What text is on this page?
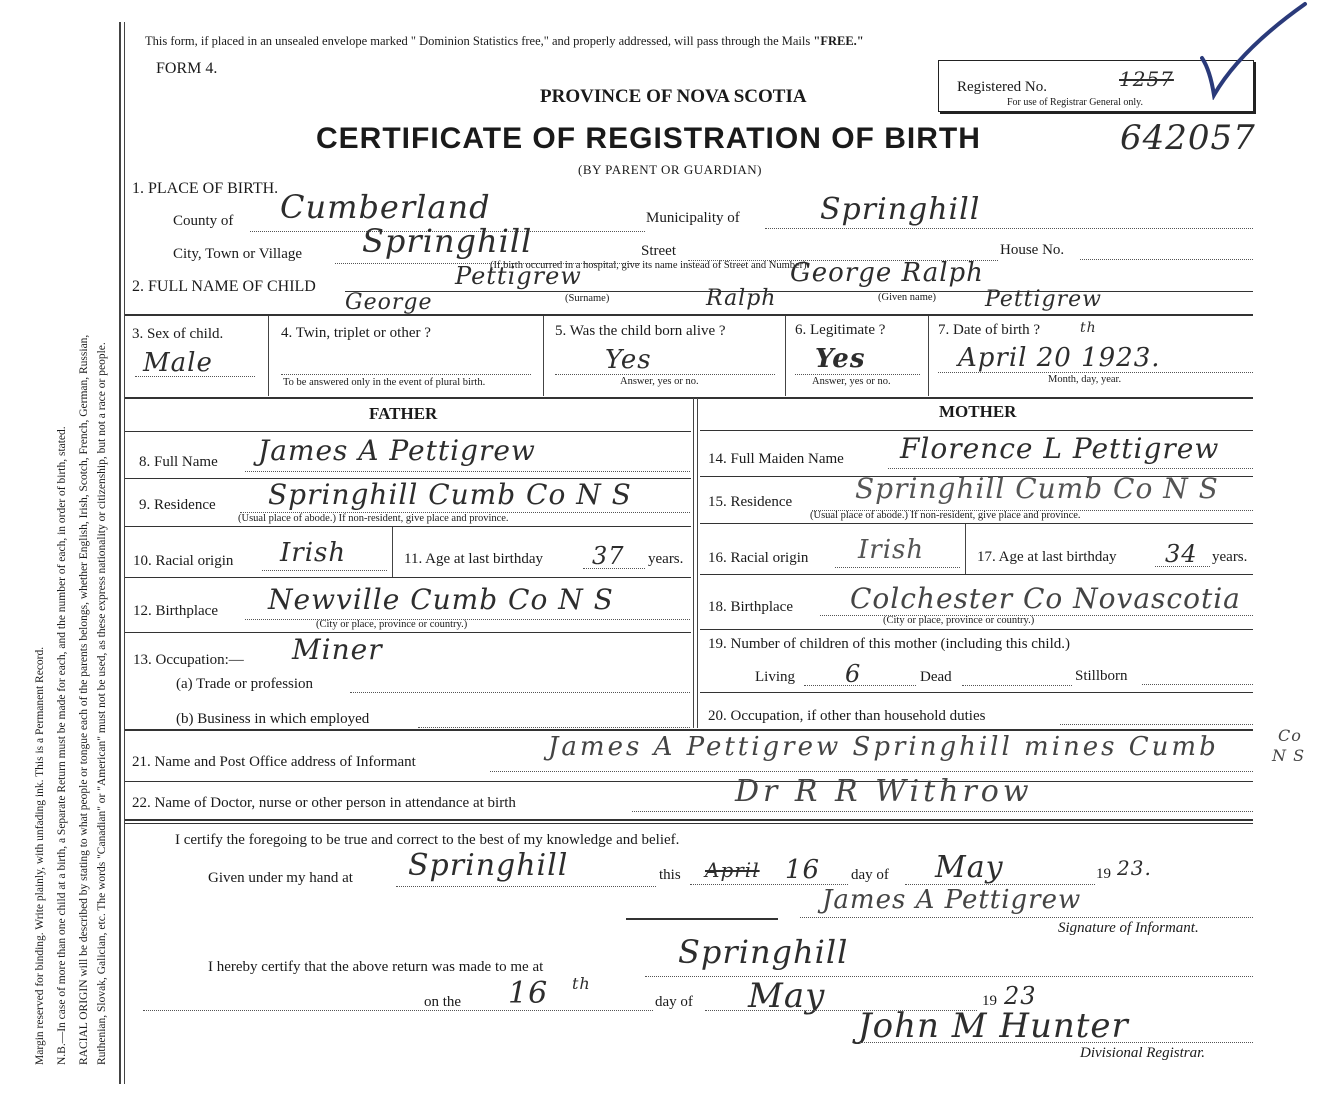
Margin reserved for binding. Write plainly, with unfading ink. This is a Permanent Record. N.B.—In case of more than one child at a birth, a Separate Return must be made for each, and the number of each, in order of birth, stated. RACIAL ORIGIN will be described by stating to what people or tongue each of the parents belongs, whether English, Irish, Scotch, French, German, Russian, Ruthenian, Slovak, Galician, etc. The words "Canadian" or "American" must not be used, as these express nationality or citizenship, but not a race or people.
This form, if placed in an unsealed envelope marked " Dominion Statistics free," and properly addressed, will pass through the Mails "FREE."
FORM 4.
PROVINCE OF NOVA SCOTIA	Registered No.	1257
For use of Registrar General only.
CERTIFICATE OF REGISTRATION OF BIRTH	642057
(BY PARENT OR GUARDIAN)
1. PLACE OF BIRTH.
County of Cumberland	Municipality of	Springhill
City, Town or Village Springhill	Street	House No.
(If birth occurred in a hospital, give its name instead of Street and Number)
2. FULL NAME OF CHILD	Pettigrew	George Ralph
(Surname)	(Given name)
George	Ralph	Pettigrew
3. Sex of child.
Male
4. Twin, triplet or other ?
To be answered only in the event of plural birth.
5. Was the child born alive ?
Yes
Answer, yes or no.
6. Legitimate ?
Yes
Answer, yes or no.
7. Date of birth ?	th
April 20 1923.
Month, day, year.
FATHER	MOTHER
8. Full Name James A Pettigrew
9. Residence Springhill Cumb Co N S
(Usual place of abode.) If non-resident, give place and province.
10. Racial origin Irish	11. Age at last birthday 37 years.
12. Birthplace Newville Cumb Co N S
(City or place, province or country.)
13. Occupation:— Miner
(a) Trade or profession
(b) Business in which employed
14. Full Maiden Name Florence L Pettigrew
15. Residence Springhill Cumb Co N S
(Usual place of abode.) If non-resident, give place and province.
16. Racial origin Irish	17. Age at last birthday 34 years.
18. Birthplace Colchester Co Novascotia
(City or place, province or country.)
19. Number of children of this mother (including this child.)
Living 6	Dead	Stillborn
20. Occupation, if other than household duties
21. Name and Post Office address of Informant	James A Pettigrew Springhill mines Cumb	Co
N S
22. Name of Doctor, nurse or other person in attendance at birth	Dr R R Withrow
I certify the foregoing to be true and correct to the best of my knowledge and belief.
Given under my hand at Springhill	this April 16 day of May	19 23.
James A Pettigrew
Signature of Informant.
I hereby certify that the above return was made to me at	Springhill
on the 16 th
day of May	19 23
John M Hunter
Divisional Registrar.
